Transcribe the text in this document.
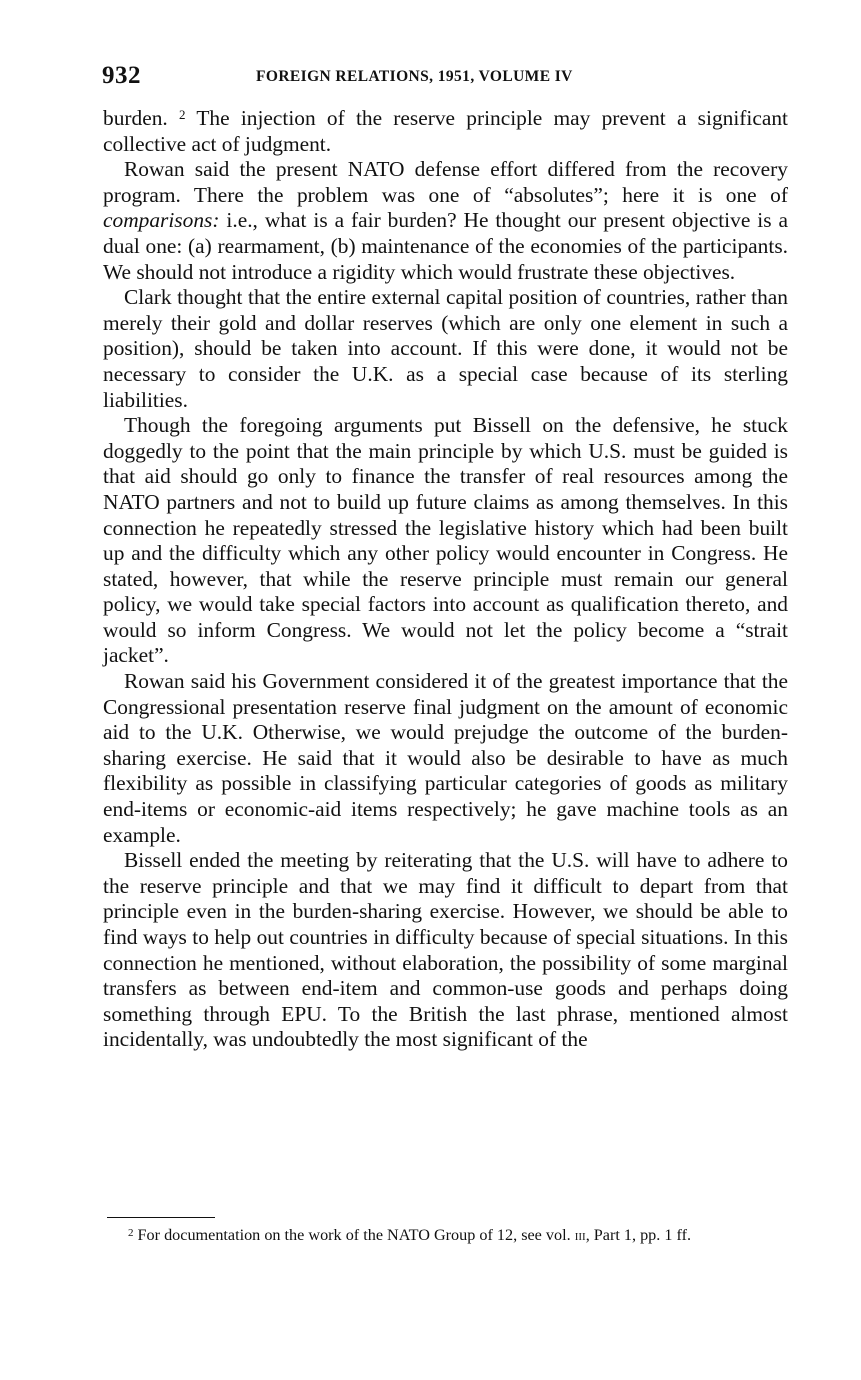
932	FOREIGN RELATIONS, 1951, VOLUME IV

burden. $^2$ The injection of the reserve principle may prevent a significant collective act of judgment.

Rowan said the present NATO defense effort differed from the recovery program. There the problem was one of “absolutes”; here it is one of comparisons: i.e., what is a fair burden? He thought our present objective is a dual one: (a) rearmament, (b) maintenance of the economies of the participants. We should not introduce a rigidity which would frustrate these objectives.

Clark thought that the entire external capital position of countries, rather than merely their gold and dollar reserves (which are only one element in such a position), should be taken into account. If this were done, it would not be necessary to consider the U.K. as a special case because of its sterling liabilities.

Though the foregoing arguments put Bissell on the defensive, he stuck doggedly to the point that the main principle by which U.S. must be guided is that aid should go only to finance the transfer of real resources among the NATO partners and not to build up future claims as among themselves. In this connection he repeatedly stressed the legislative history which had been built up and the difficulty which any other policy would encounter in Congress. He stated, however, that while the reserve principle must remain our general policy, we would take special factors into account as qualification thereto, and would so inform Congress. We would not let the policy become a “strait jacket”.

Rowan said his Government considered it of the greatest importance that the Congressional presentation reserve final judgment on the amount of economic aid to the U.K. Otherwise, we would prejudge the outcome of the burden-sharing exercise. He said that it would also be desirable to have as much flexibility as possible in classifying particular categories of goods as military end-items or economic-aid items respectively; he gave machine tools as an example.

Bissell ended the meeting by reiterating that the U.S. will have to adhere to the reserve principle and that we may find it difficult to depart from that principle even in the burden-sharing exercise. However, we should be able to find ways to help out countries in difficulty because of special situations. In this connection he mentioned, without elaboration, the possibility of some marginal transfers as between end-item and common-use goods and perhaps doing something through EPU. To the British the last phrase, mentioned almost incidentally, was undoubtedly the most significant of the

$^2$ For documentation on the work of the NATO Group of 12, see vol. iii, Part 1, pp. 1 ff.
